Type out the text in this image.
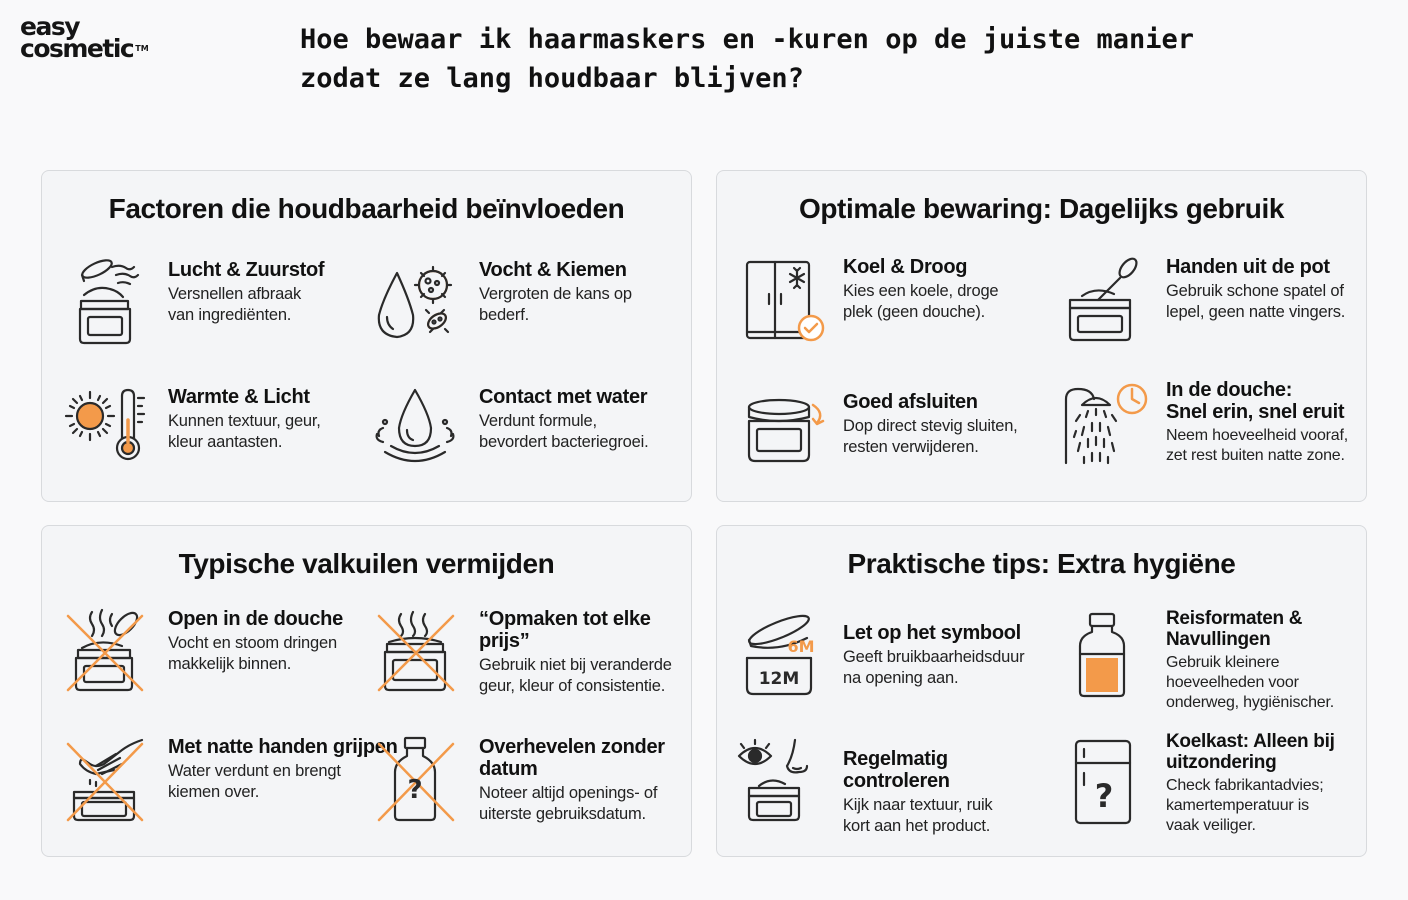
easy
cosmetic ™	Hoe bewaar ik haarmaskers en -kuren op de juiste manier
zodat ze lang houdbaar blijven?
Factoren die houdbaarheid beïnvloeden
Lucht & Zuurstof

Versnellen afbraak
van ingrediënten.

Vocht & Kiemen

Vergroten de kans op
bederf.

Warmte & Licht

Kunnen textuur, geur,
kleur aantasten.

Contact met water

Verdunt formule,
bevordert bacteriegroei.

Optimale bewaring: Dagelijks gebruik
Koel & Droog

Kies een koele, droge
plek (geen douche).

Handen uit de pot

Gebruik schone spatel of
lepel, geen natte vingers.

Goed afsluiten

Dop direct stevig sluiten,
resten verwijderen.

In de douche:
Snel erin, snel eruit

Neem hoeveelheid vooraf,
zet rest buiten natte zone.

Typische valkuilen vermijden
Open in de douche

Vocht en stoom dringen
makkelijk binnen.

“Opmaken tot elke prijs”

Gebruik niet bij veranderde
geur, kleur of consistentie.

Met natte handen grijpen

Water verdunt en brengt
kiemen over.	?
Overhevelen zonder
datum

Noteer altijd openings- of
uiterste gebruiksdatum.

Praktische tips: Extra hygiëne
12M
6M
Let op het symbool

Geeft bruikbaarheidsduur
na opening aan.

Reisformaten &
Navullingen

Gebruik kleinere
hoeveelheden voor
onderweg, hygiënischer.

Regelmatig controleren

Kijk naar textuur, ruik
kort aan het product.

?
Koelkast: Alleen bij
uitzondering

Check fabrikantadvies;
kamertemperatuur is
vaak veiliger.
